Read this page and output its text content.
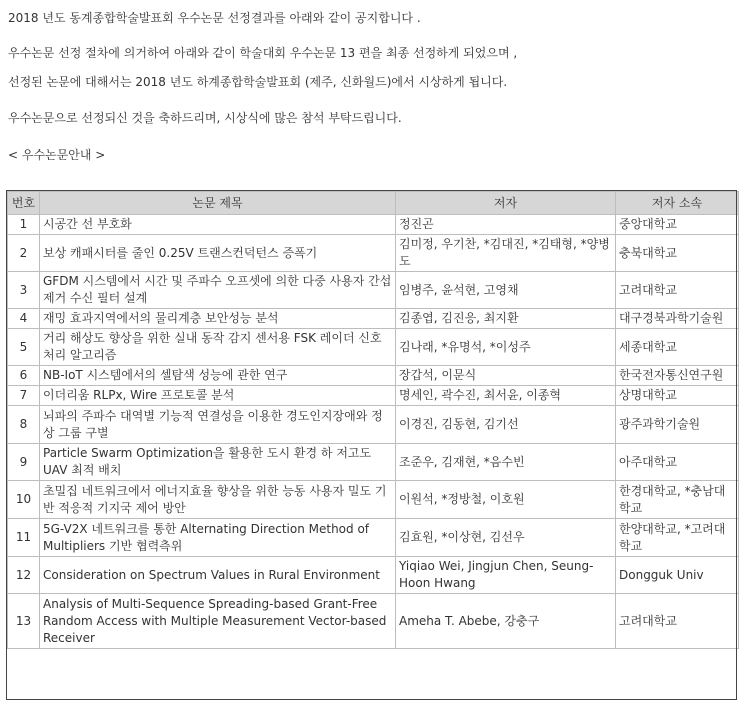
2018 년도 동계종합학술발표회 우수논문 선정결과를 아래와 같이 공지합니다 .

우수논문 선정 절차에 의거하여 아래와 같이 학술대회 우수논문 13 편을 최종 선정하게 되었으며 ,

선정된 논문에 대해서는 2018 년도 하계종합학술발표회 (제주, 신화월드)에서 시상하게 됩니다.

우수논문으로 선정되신 것을 축하드리며, 시상식에 많은 참석 부탁드립니다.

< 우수논문안내 >

번호	논문 제목	저자	저자 소속
1	시공간 선 부호화	정진곤	중앙대학교
2	보상 캐패시터를 줄인 0.25V 트랜스컨덕턴스 증폭기	김미정, 우기찬, *김대진, *김태형, *양병도	충북대학교
3	GFDM 시스템에서 시간 및 주파수 오프셋에 의한 다중 사용자 간섭 제거 수신 필터 설계	임병주, 윤석현, 고영채	고려대학교
4	재밍 효과지역에서의 물리계층 보안성능 분석	김종엽, 김진응, 최지환	대구경북과학기술원
5	거리 해상도 향상을 위한 실내 동작 감지 센서용 FSK 레이더 신호처리 알고리즘	김나래, *유명석, *이성주	세종대학교
6	NB-IoT 시스템에서의 셀탐색 성능에 관한 연구	장갑석, 이문식	한국전자통신연구원
7	이더리움 RLPx, Wire 프로토콜 분석	명세인, 곽수진, 최서윤, 이종혁	상명대학교
8	뇌파의 주파수 대역별 기능적 연결성을 이용한 경도인지장애와 정상 그룹 구별	이경진, 김동현, 김기선	광주과학기술원
9	Particle Swarm Optimization을 활용한 도시 환경 하 저고도 UAV 최적 배치	조준우, 김재현, *음수빈	아주대학교
10	초밀집 네트워크에서 에너지효율 향상을 위한 능동 사용자 밀도 기반 적응적 기지국 제어 방안	이원석, *정방철, 이호원	한경대학교, *충남대학교
11	5G-V2X 네트워크를 통한 Alternating Direction Method of Multipliers 기반 협력측위	김효원, *이상현, 김선우	한양대학교, *고려대학교
12	Consideration on Spectrum Values in Rural Environment	Yiqiao Wei, Jingjun Chen, Seung-Hoon Hwang	Dongguk Univ
13	Analysis of Multi-Sequence Spreading-based Grant-Free Random Access with Multiple Measurement Vector-based Receiver	Ameha T. Abebe, 강충구	고려대학교
